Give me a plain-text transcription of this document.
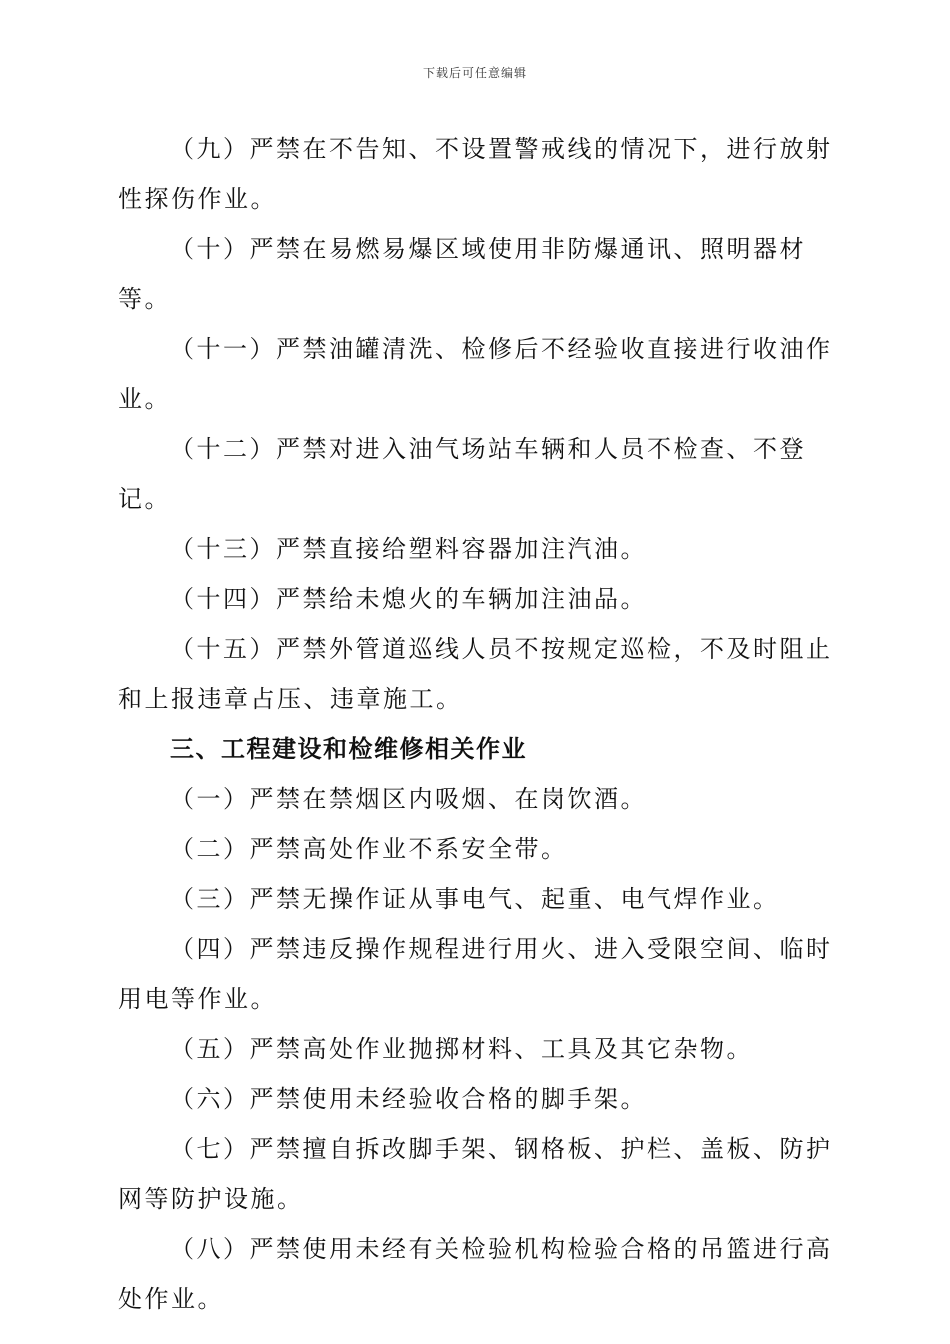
下载后可任意编辑

（九）严禁在不告知、不设置警戒线的情况下，进行放射性探伤作业。

（十）严禁在易燃易爆区域使用非防爆通讯、照明器材等。

（十一）严禁油罐清洗、检修后不经验收直接进行收油作业。

（十二）严禁对进入油气场站车辆和人员不检查、不登记。

（十三）严禁直接给塑料容器加注汽油。

（十四）严禁给未熄火的车辆加注油品。

（十五）严禁外管道巡线人员不按规定巡检，不及时阻止和上报违章占压、违章施工。

三、工程建设和检维修相关作业

（一）严禁在禁烟区内吸烟、在岗饮酒。

（二）严禁高处作业不系安全带。

（三）严禁无操作证从事电气、起重、电气焊作业。

（四）严禁违反操作规程进行用火、进入受限空间、临时用电等作业。

（五）严禁高处作业抛掷材料、工具及其它杂物。

（六）严禁使用未经验收合格的脚手架。

（七）严禁擅自拆改脚手架、钢格板、护栏、盖板、防护网等防护设施。

（八）严禁使用未经有关检验机构检验合格的吊篮进行高处作业。
